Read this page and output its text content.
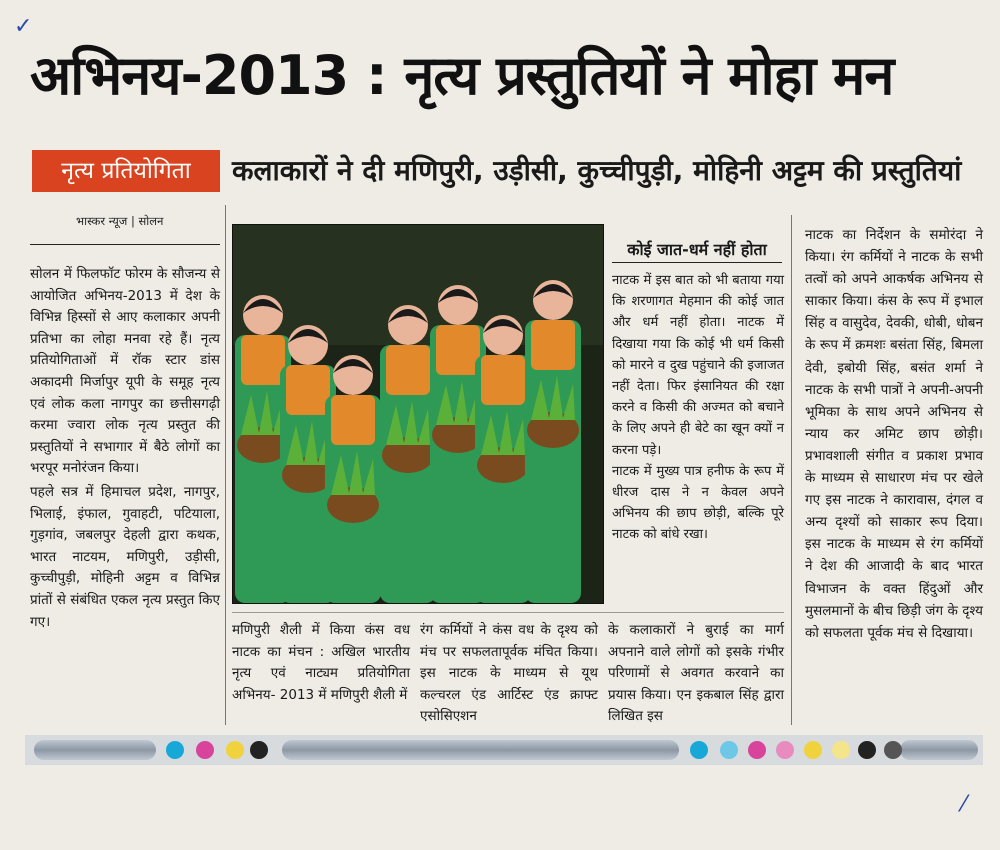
✓
⁄
अभिनय-2013 : नृत्य प्रस्तुतियों ने मोहा मन
नृत्य प्रतियोगिता	कलाकारों ने दी मणिपुरी, उड़ीसी, कुच्चीपुड़ी, मोहिनी अट्टम की प्रस्तुतियां
भास्कर न्यूज | सोलन

सोलन में फिलफॉट फोरम के सौजन्य से आयोजित अभिनय-2013 में देश के विभिन्न हिस्सों से आए कलाकार अपनी प्रतिभा का लोहा मनवा रहे हैं। नृत्य प्रतियोगिताओं में रॉक स्टार डांस अकादमी मिर्जापुर यूपी के समूह नृत्य एवं लोक कला नागपुर का छत्तीसगढ़ी करमा ज्वारा लोक नृत्य प्रस्तुत की प्रस्तुतियों ने सभागार में बैठे लोगों का भरपूर मनोरंजन किया।

पहले सत्र में हिमाचल प्रदेश, नागपुर, भिलाई, इंफाल, गुवाहटी, पटियाला, गुड़गांव, जबलपुर देहली द्वारा कथक, भारत नाटयम, मणिपुरी, उड़ीसी, कुच्चीपुड़ी, मोहिनी अट्टम व विभिन्न प्रांतों से संबंधित एकल नृत्य प्रस्तुत किए गए।

कोई जात-धर्म नहीं होता

नाटक में इस बात को भी बताया गया कि शरणागत मेहमान की कोई जात और धर्म नहीं होता। नाटक में दिखाया गया कि कोई भी धर्म किसी को मारने व दुख पहुंचाने की इजाजत नहीं देता। फिर इंसानियत की रक्षा करने व किसी की अज्मत को बचाने के लिए अपने ही बेटे का खून क्यों न करना पड़े।

नाटक में मुख्य पात्र हनीफ के रूप में धीरज दास ने न केवल अपने अभिनय की छाप छोड़ी, बल्कि पूरे नाटक को बांधे रखा।

नाटक का निर्देशन के समोरंदा ने किया। रंग कर्मियों ने नाटक के सभी तत्वों को अपने आकर्षक अभिनय से साकार किया। कंस के रूप में इभाल सिंह व वासुदेव, देवकी, धोबी, धोबन के रूप में क्रमशः बसंता सिंह, बिमला देवी, इबोयी सिंह, बसंत शर्मा ने नाटक के सभी पात्रों ने अपनी-अपनी भूमिका के साथ अपने अभिनय से न्याय कर अमिट छाप छोड़ी। प्रभावशाली संगीत व प्रकाश प्रभाव के माध्यम से साधारण मंच पर खेले गए इस नाटक ने कारावास, दंगल व अन्य दृश्यों को साकार रूप दिया। इस नाटक के माध्यम से रंग कर्मियों ने देश की आजादी के बाद भारत विभाजन के वक्त हिंदुओं और मुसलमानों के बीच छिड़ी जंग के दृश्य को सफलता पूर्वक मंच से दिखाया।

मणिपुरी शैली में किया कंस वध नाटक का मंचन : अखिल भारतीय नृत्य एवं नाट्यम प्रतियोगिता अभिनय- 2013 में मणिपुरी शैली में

रंग कर्मियों ने कंस वध के दृश्य को मंच पर सफलतापूर्वक मंचित किया। इस नाटक के माध्यम से यूथ कल्चरल एंड आर्टिस्ट एंड क्राफ्ट एसोसिएशन

के कलाकारों ने बुराई का मार्ग अपनाने वाले लोगों को इसके गंभीर परिणामों से अवगत करवाने का प्रयास किया। एन इकबाल सिंह द्वारा लिखित इस
